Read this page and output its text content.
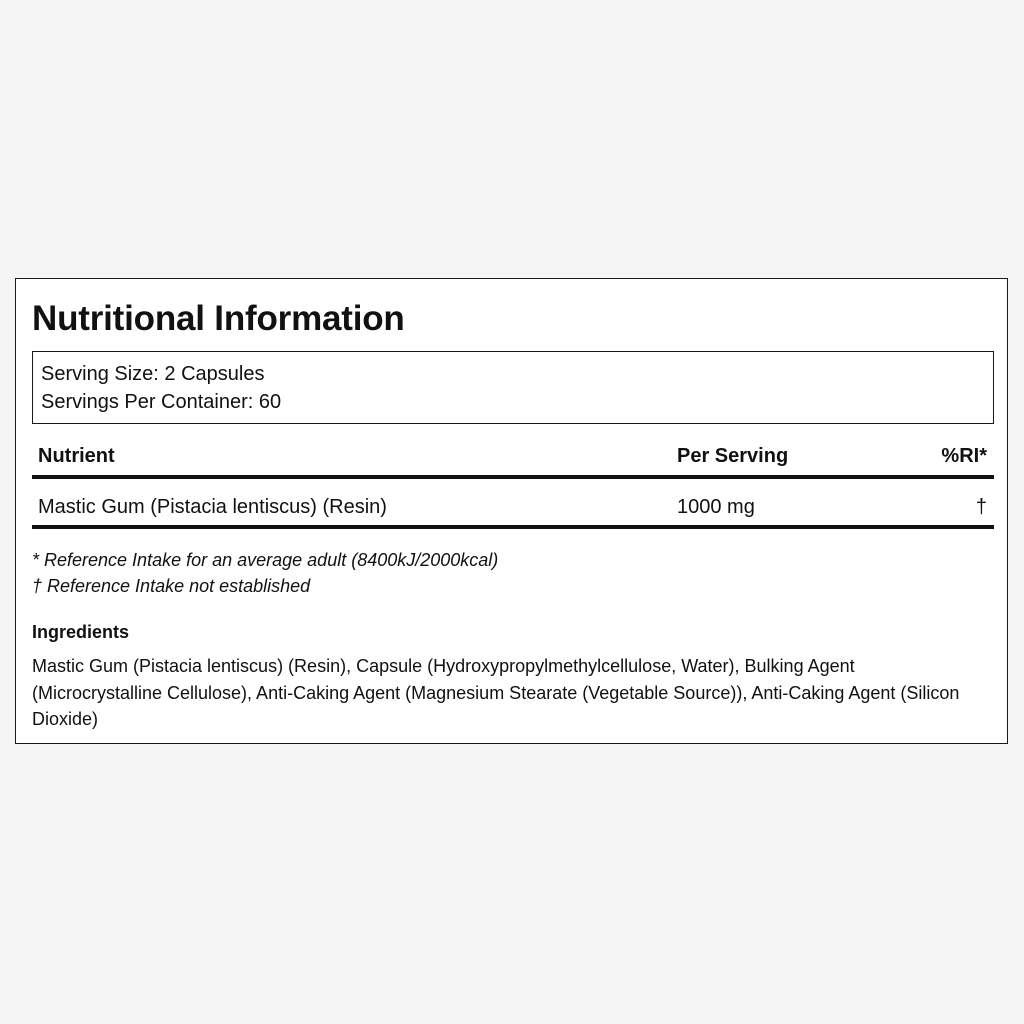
Nutritional Information
Serving Size: 2 Capsules
Servings Per Container: 60
Nutrient	Per Serving	%RI*
Mastic Gum (Pistacia lentiscus) (Resin)	1000 mg	†
* Reference Intake for an average adult (8400kJ/2000kcal)
† Reference Intake not established
Ingredients
Mastic Gum (Pistacia lentiscus) (Resin), Capsule (Hydroxypropylmethylcellulose, Water), Bulking Agent (Microcrystalline Cellulose), Anti-Caking Agent (Magnesium Stearate (Vegetable Source)), Anti-Caking Agent (Silicon Dioxide)
